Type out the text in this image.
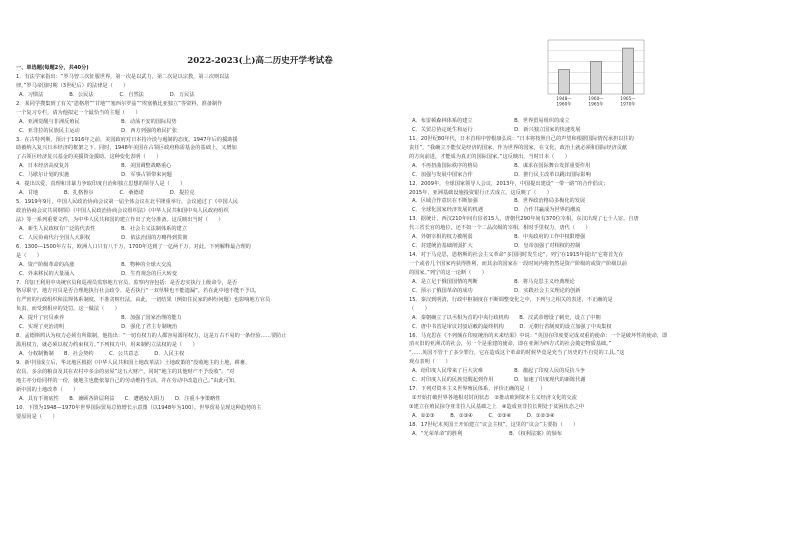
2022-2023(上)高二历史开学考试卷
1948—
1960年
1960—
1965年
1965—
1970年
一、单选题(每题2分，共40分)
1．有法学家指出：“罗马曾三次征服世界，第一次是以武力，第二次是以宗教，第三次则以法
律。”罗马帝国时期（3世纪后）的法律是（　　）
A．习惯法　　　　　B．公民法　　　　　C．自然法　　　　　D．万民法
2．某同学搜集到了有关“恩格塔”“甘地”“塞西尔罗兹”“埃塞俄比亚独立”等资料，准备制作
一个复习专栏，请为他拟定一个最恰当的主题（　　）
A．亚洲觉醒与非洲反殖民　　　　　　　　B．动荡不安的国际局势
C．亚非拉的民族民主运动　　　　　　　　D．西方列强的殖民扩张
3．在古特列斯，预计于1916年之前，美国政府对日本持冷淡与遏制的态度。1947年后的援助援
助被纳入复兴日本经济的框架之下。同时，1948年美国在占领区政府称需基金的基础上，又增加
了占领区经济复兴基金的美援资金援助。这种变化表明（　　）
A．日本经济高度复苏　　　　　　　　　　B．美国调整战略重心
C．马歇尔计划的实施　　　　　　　　　　D．军事占领带来问题
4．提出以爱、真理和非暴力争取印度自治和独立思想的领导人是（　　）
A．甘地　　　　　B．扎格鲁尔　　　　　C．桑德诺　　　　　D．提拉克
5．1919年9月，中国人民政治协商会议第一届全体会议在北平隆重举行，会议通过了《中国人民
政治协商会议共同纲领》《中国人民政治协商会议组织法》《中华人民共和国中央人民政府组织
法》等一系列重要文件，为中华人民共和国的建立作出了充分准备。这反映出当时（　　）
A．新生人民政权有广泛的代表性　　　　　B．社会主义法制体系的建立
C．人民协商代行全国人大职权　　　　　　D．依法治国的方略得到贯彻
6．1300—1500年左右，欧洲人口只有八千万，1700年达到了一亿两千万。对此，下列解释最合理的
是（　　）
A．资产阶级革命的高涨　　　　　　　　　B．物种的全球大交流
C．外来移民的大量涌入　　　　　　　　　D．生育观念的巨大转变
7．印加王利用中央统官员和巡视员监察地方官员，监察内容包括：是否忠实执行上级命令，是否
恪尽职守，地方官员是否合理地执行社会政令、是否执行“一双草鞋也不能遗漏”。若在此中地不能不予以，
有严密的行政组织和法规体系制度，不准贪赃枉法。由此，一切结果（例如住民家的纠纷问题）也影响地方官员
负责，而受到相应的处罚。这一做法（　　）
A．提升了官员素养　　　　　　　　　　　B．加强了国家治理的能力
C．实现了吏治清明　　　　　　　　　　　D．强化了君主专制统治
8．孟德斯鸠认为权力必须有所限制，他指出：“一切有权力的人都容易滥用权力，这是万古不易的一条经验……要防止
滥用权力，就必须以权力约束权力。”下列权力中，用来制约立法权的是（　　）
A．分权制衡制　　B．社会契约　　　C．公共意志　　　D．人民主权
9．新中国成立后，华北地区根据《中华人民共和国土地改革法》土地政策的“没收地主的土地，耕畜、
农具、多余的粮食及其在农村中多余的房屋”这五大财产，同时“地主的其他财产不予没收”。“对
地主亦分给同样的一份，使地主也能依靠自己的劳动维持生活，并在劳动中改造自己。”由此可知，
新中国的土地改革（　　）
A．具有不彻底性　　B．兼顾各阶层利益　　C．遭遇较大阻力　　D．注重斗争策略性
10．下图为1948—1970年世界国际贸易总值增长示意图（以1948年为100）。世界贸易呈现这种趋势的主
要原因是（　　）
A．布雷顿森林体系的建立　　　　　　　　B．世界贸易组织的成立
C．关贸总协定诞生和运行　　　　　　　　D．新兴独立国家的快速发展
11．20世纪80年代，日本首相中曾根康弘说：“日本将按照自己的声望和根据国际情况承担以往的
责任”，“我确立不能仅是经济的国家，作为世界的国家，在文化、政治上就必须和国际经济贡献
的方向前进，才能成为真正的国际国家。”这反映出，当时日本（　　）
A．不再扭曲国际秩序的格局　　　　　　　B．谋求在国际舞台发挥重要作用
C．加强与发展中国家合作　　　　　　　　D．推行民主改革以跳出国际影响
12．2009年，全球国家领导人会议，2013年，中国提出建设“一带一路”的合作倡议；
2015年，亚洲基础设施投资银行正式成立。这反映了（　　）
A．区域合作意识在不断加强　　　　　　　B．世界政治格局多极化的发展
C．全球化国家经济发展的机遇　　　　　　D．合作共赢成为世界的潮流
13．据统计，西汉210年间有宦者15人，唐朝代290年间有370位宰相，东汉出现了七十人宦。自唐
代三省长官的地位，还不如一个二品次级的宰相，相时手里权力，唐代（　　）
A．外朝宰相的权力被削弱　　　　　　　　B．中央政府的工作中权限增强
C．封建统治基础削弱扩大　　　　　　　　D．皇帝加强了对相权的控制
14．对于马克思，恩格斯的社会主义革命“多国同时发生论”，列宁在1915年提出“它将首先在
一个或者几个国家内获得胜利，而其余的国家在一段时间内将仍然是资产阶级的或资产阶级以前
的国家。”列宁的这一论断（　　）
A．是立足于俄国国情的判断　　　　　　　B．将马克思主义经典理论
C．预示了俄国革命的成功　　　　　　　　D．实践社会主义理论的创新
15．秦汉到明清，行政中枢制度在不断调整变化之中，下列与之相关的表述，不正确的是
（　　）
A．秦朝确立了以丞相为首的中央行政机构　　B．汉武帝增设了刺史，设立了中朝
C．唐中书省是审议封驳诏敕的最终机构　　　D．元朝行省制度的设立加强了中央集权
16．马克思在《不列颠在印度统治的未来结果》中说：“英国在印度要完成双重的使命：一个是破坏性的使命，即
消灭旧的亚洲式的社会，另一个是重建的使命，即在亚洲为西方式的社会奠定物质基础。”
“……英国不管干了多少罪行，它在造成这个革命的时候毕竟是充当了历史的不自觉的工具。”这
观点表明（　　）
A．给印度人民带来了巨大灾难　　　　　　B．激起了印度人民的反抗斗争
C．对印度人民的民族觉醒起到作用　　　　D．加速了印度现代的新陈代谢
17．下列对资本主义世界殖民体系，评价正确的是（　　）
①开始打破世界各地相对封闭状态　②推动欧洲资本主义经济文化的交流
③建立在殖民掠夺亚非拉人民基础之上　④造成亚非拉长期处于贫困状态之中
A．①②③　　　B．①③④　　　C．②③④　　　D．①②③④
18．17世纪末英国王开始建立“议会主权”。这里的“议会”主要指（　　）
A．“光荣革命”的胜利　　　　　　　　　B．《权利法案》的颁布
